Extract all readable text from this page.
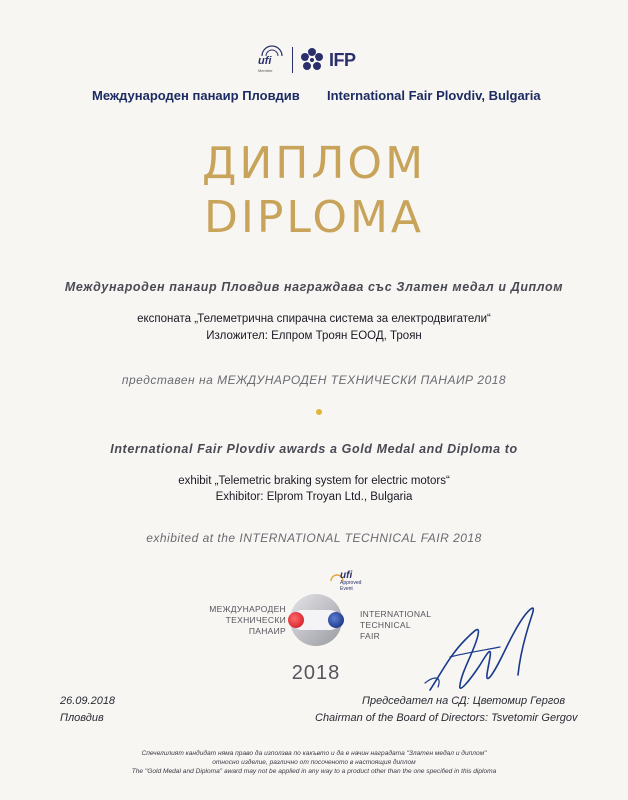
ufi
Member
IFP
Международен панаир Пловдив International Fair Plovdiv, Bulgaria
ДИПЛОМ
DIPLOMA
Международен панаир Пловдив награждава със Златен медал и Диплом
експоната „Телеметрична спирачна система за електродвигатели“
Изложител: Елпром Троян ЕООД, Троян
представен на МЕЖДУНАРОДЕН ТЕХНИЧЕСКИ ПАНАИР 2018
International Fair Plovdiv awards a Gold Medal and Diploma to
exhibit „Telemetric braking system for electric motors“
Exhibitor: Elprom Troyan Ltd., Bulgaria
exhibited at the INTERNATIONAL TECHNICAL FAIR 2018
ufi
Approved
Event
МЕЖДУНАРОДЕН
ТЕХНИЧЕСКИ
ПАНАИР
INTERNATIONAL
TECHNICAL
FAIR
2018
26.09.2018
Пловдив
Председател на СД: Цветомир Гергов
Chairman of the Board of Directors: Tsvetomir Gergov
Спечелилият кандидат няма право да използва по какъвто и да е начин наградата "Златен медал и диплом"
относно изделие, различно от посоченото в настоящия диплом
The "Gold Medal and Diploma" award may not be applied in any way to a product other than the one specified in this diploma
